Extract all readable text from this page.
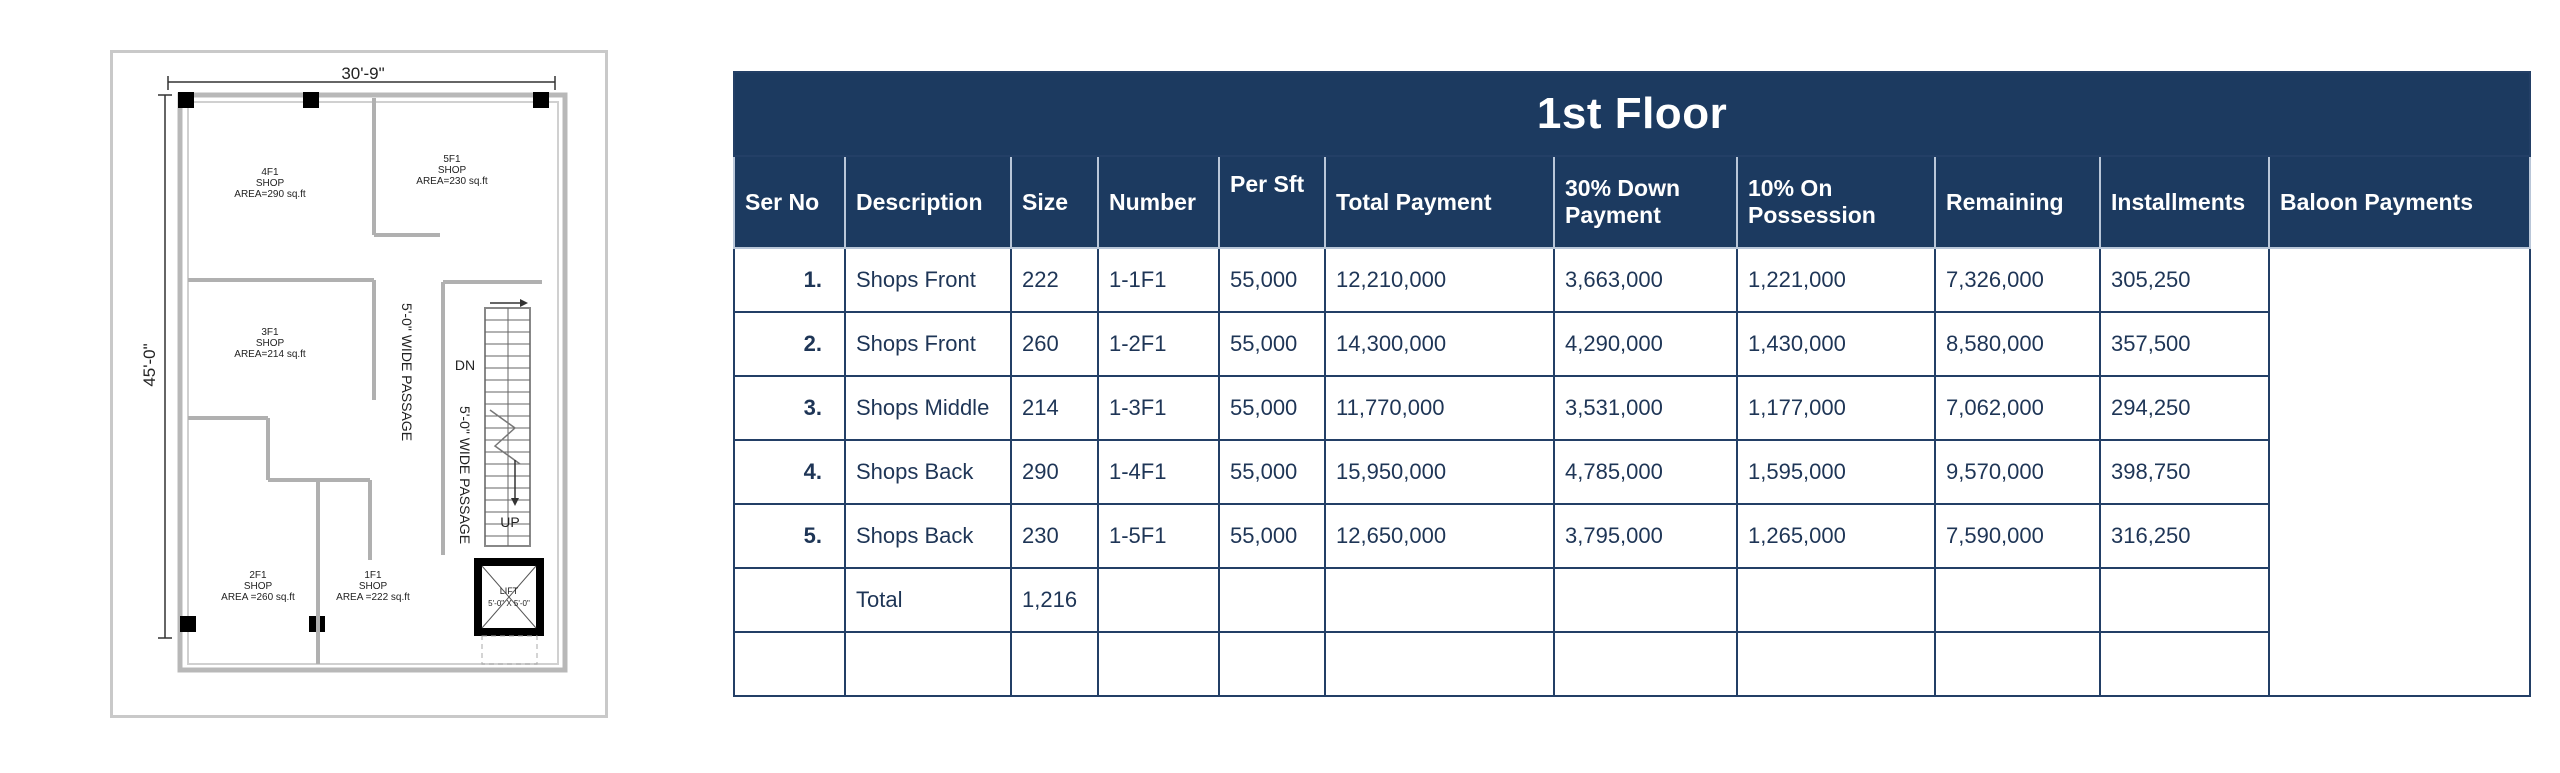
30'-9"
45'-0"
4F1
SHOP
AREA=290 sq.ft
5F1
SHOP
AREA=230 sq.ft
3F1
SHOP
AREA=214 sq.ft
2F1
SHOP
AREA =260 sq.ft
1F1
SHOP
AREA =222 sq.ft
5'-0" WIDE PASSAGE
5'-0" WIDE PASSAGE
DN
UP
LIFT
5'-0" X 5'-0"
1st Floor										
Ser No	Description	Size	Number	Per Sft	Total Payment	30% Down Payment	10% On Possession	Remaining	Installments	Baloon Payments
1.	Shops Front	222	1-1F1	55,000	12,210,000	3,663,000	1,221,000	7,326,000	305,250	
2.	Shops Front	260	1-2F1	55,000	14,300,000	4,290,000	1,430,000	8,580,000	357,500	
3.	Shops Middle	214	1-3F1	55,000	11,770,000	3,531,000	1,177,000	7,062,000	294,250	
4.	Shops Back	290	1-4F1	55,000	15,950,000	4,785,000	1,595,000	9,570,000	398,750	
5.	Shops Back	230	1-5F1	55,000	12,650,000	3,795,000	1,265,000	7,590,000	316,250	
	Total	1,216								
